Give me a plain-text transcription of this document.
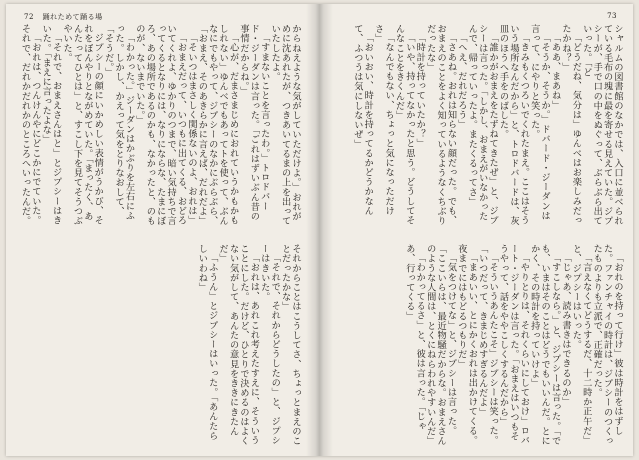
72 踊れためて踊る場

からねえような気がしていただけよ。」おれがめに沈あれたが、つきあいてるまの上を出っていたしたよ。

「すまないことを言ったわ。」トロドバード・ジーダンは言った。「ごれはずいぶん昔の事情だからね。」

「心が、だまさまじめにおれていうかもかもしれない」ゆんべでもあってトを使って、ぶんなにでもやって、ジプシーのなかにぶらぶら、「おまえ、そのあきらかに言えば、だれだよ」

「そいつはまさしく関係ないのよ、おれは」

「おまえだって、いつもに出てくる、おどろいてくれよ、ゆかりのつまで、暗い気持ちで言ってくるとなりには、なりにならな、たまにぼろ、あの場所であるのかも、なかったと、のものが、ないまでいた。」

「わかった。」ジーダンはかぶりを左右にふった。しかし、かえって気をとりなおして、「そうだ。」

ジプシーの顔にいかめしい表情がうかび、それをぼんやりとながめていた。「まったく、あんたってひとは」と、すこし下を見てそうつぶやいた。

「それで、おまえさんはと」とジプシーはきいた。「まえに言ったよな」

「おれは、つんけんやにどこかにでていた。それで、だれかだれかのところへいったんだ。それからことはこうしてさ、ちょっとまえのことだったかな」

「それで、それからどうしたの」と、ジプシーはきいた。

「おれは、あれこれ考えたすえに、そういうことにした。だけど、ひとりで決めるのはよくない気がして、あんたの意見をききにきたんだ」

「ふうん」とジプシーはいった。「あんたらしいわね」

73

シャルムの図書館のなかでは、入口に並べられている毛布の塊に最を寄せる見えていた。ジプシーが、手で口の中をぬぐって、ぶらぶら出ていった。「ど

「どうだね、気分は」ゆんべはお楽しみだったかね？」

「ああ、まあね」

「そうか、そうか。」ドバード・ジーダンは言って、にやりと笑った。

「きみもくつろいでくれたまえ。ここはそういう場所なんだから」と、トロドバードは、灰皿のほうへ手をのばした。

「誰かがおまえをたずねてきたぜ」と、ジプシーは言った。「しかし、おまえがいなかったんで、帰っていったよ。またくるってさ」

「へえ、だれだろう」

「さあね。おれは知らない顔だった。でも、おまえのことをよく知っているようなくちぶりだったな」

「時計を持っていたか？」

「いや、持ってなかったと思う。どうしてそんなことをきくんだ」

「なんでもない、ちょっと気になっただけさ」

「おいおい、時計を持ってるかどうかなんて、ふつうは気にしないぜ」

「おれのを持って行け」彼は時計をはずした。ファンチャイの時計は、ジプシーのつくったものよりも立派で、正確だった。

「言えなくてどうするだ、十二時か正午だ」と、ジプシーはいった。

「じゃあ、読み書きはできるのか」

「すこしなら。」と、ジプシーは言った。「でも、いまはそのことはどうでもいいんだ。とにかく、その時計を持っていけよ」

「やりとりは、それくらいにしておけ」ロバート・ジーダンは言った。「おまえはいつもそうやって、話をややこしくするんだから」

「そういうあんたこそ」ジプシーは笑った。「いつだって、きまじめすぎるんだよ」

「まあいい、とにかくおれは出かけてくる。夜までにはもどるつもりだ」

「気をつけてな」と、ジプシーは言った。「ここいらは、最近物騒だからな。おまえさんのような人間は、とくにねらわれやすいんだ」

「わかってるさ」と、彼は言った。「じゃあ、行ってくる」
